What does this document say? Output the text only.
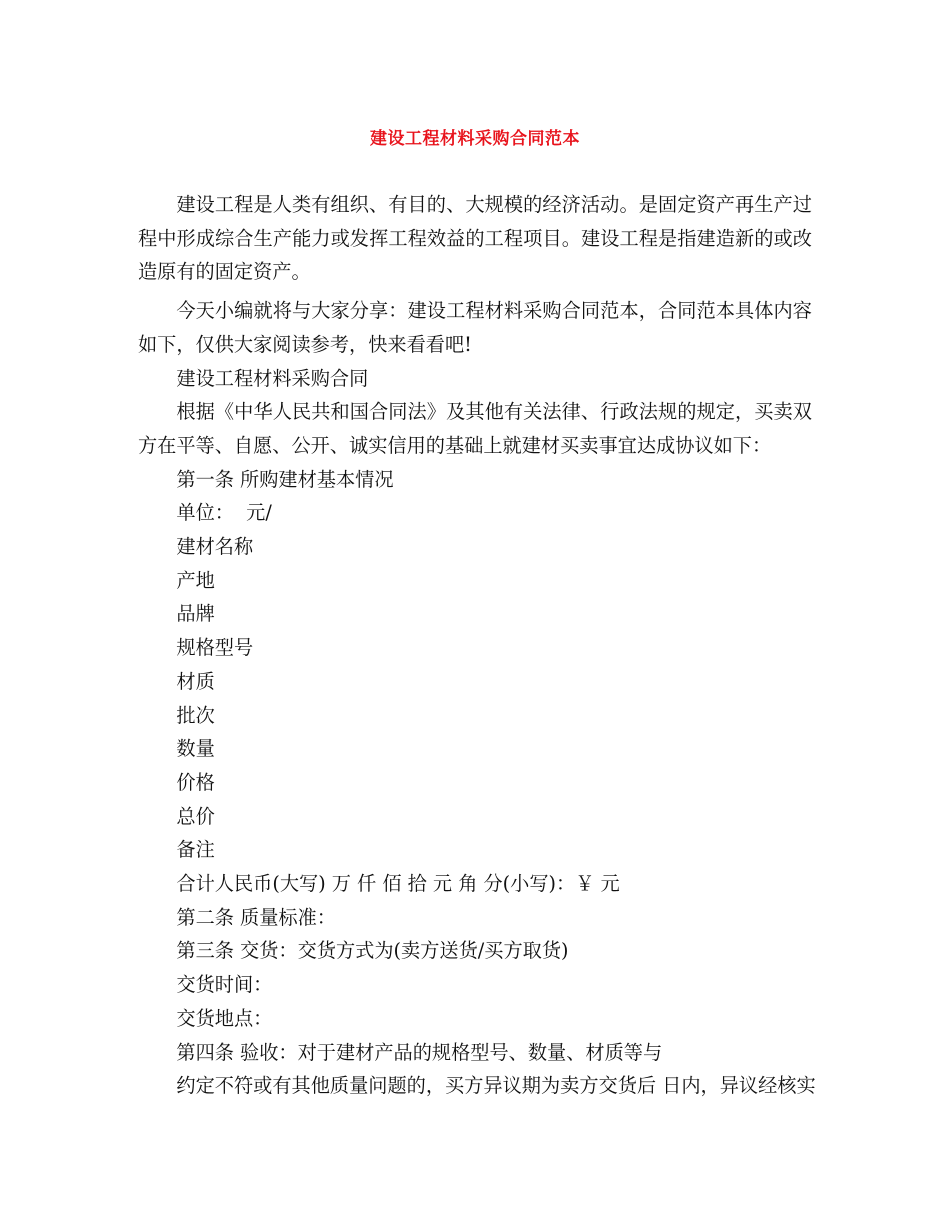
建设工程材料采购合同范本

建设工程是人类有组织、有目的、大规模的经济活动。是固定资产再生产过程中形成综合生产能力或发挥工程效益的工程项目。建设工程是指建造新的或改造原有的固定资产。

今天小编就将与大家分享：建设工程材料采购合同范本，合同范本具体内容如下，仅供大家阅读参考，快来看看吧!

建设工程材料采购合同

根据《中华人民共和国合同法》及其他有关法律、行政法规的规定，买卖双方在平等、自愿、公开、诚实信用的基础上就建材买卖事宜达成协议如下：

第一条 所购建材基本情况

单位：  元/

建材名称

产地

品牌

规格型号

材质

批次

数量

价格

总价

备注

合计人民币(大写) 万 仟 佰 拾 元 角 分(小写)：￥ 元

第二条 质量标准：

第三条 交货：交货方式为(卖方送货/买方取货)

交货时间：

交货地点：

第四条 验收：对于建材产品的规格型号、数量、材质等与

约定不符或有其他质量问题的，买方异议期为卖方交货后 日内，异议经核实
